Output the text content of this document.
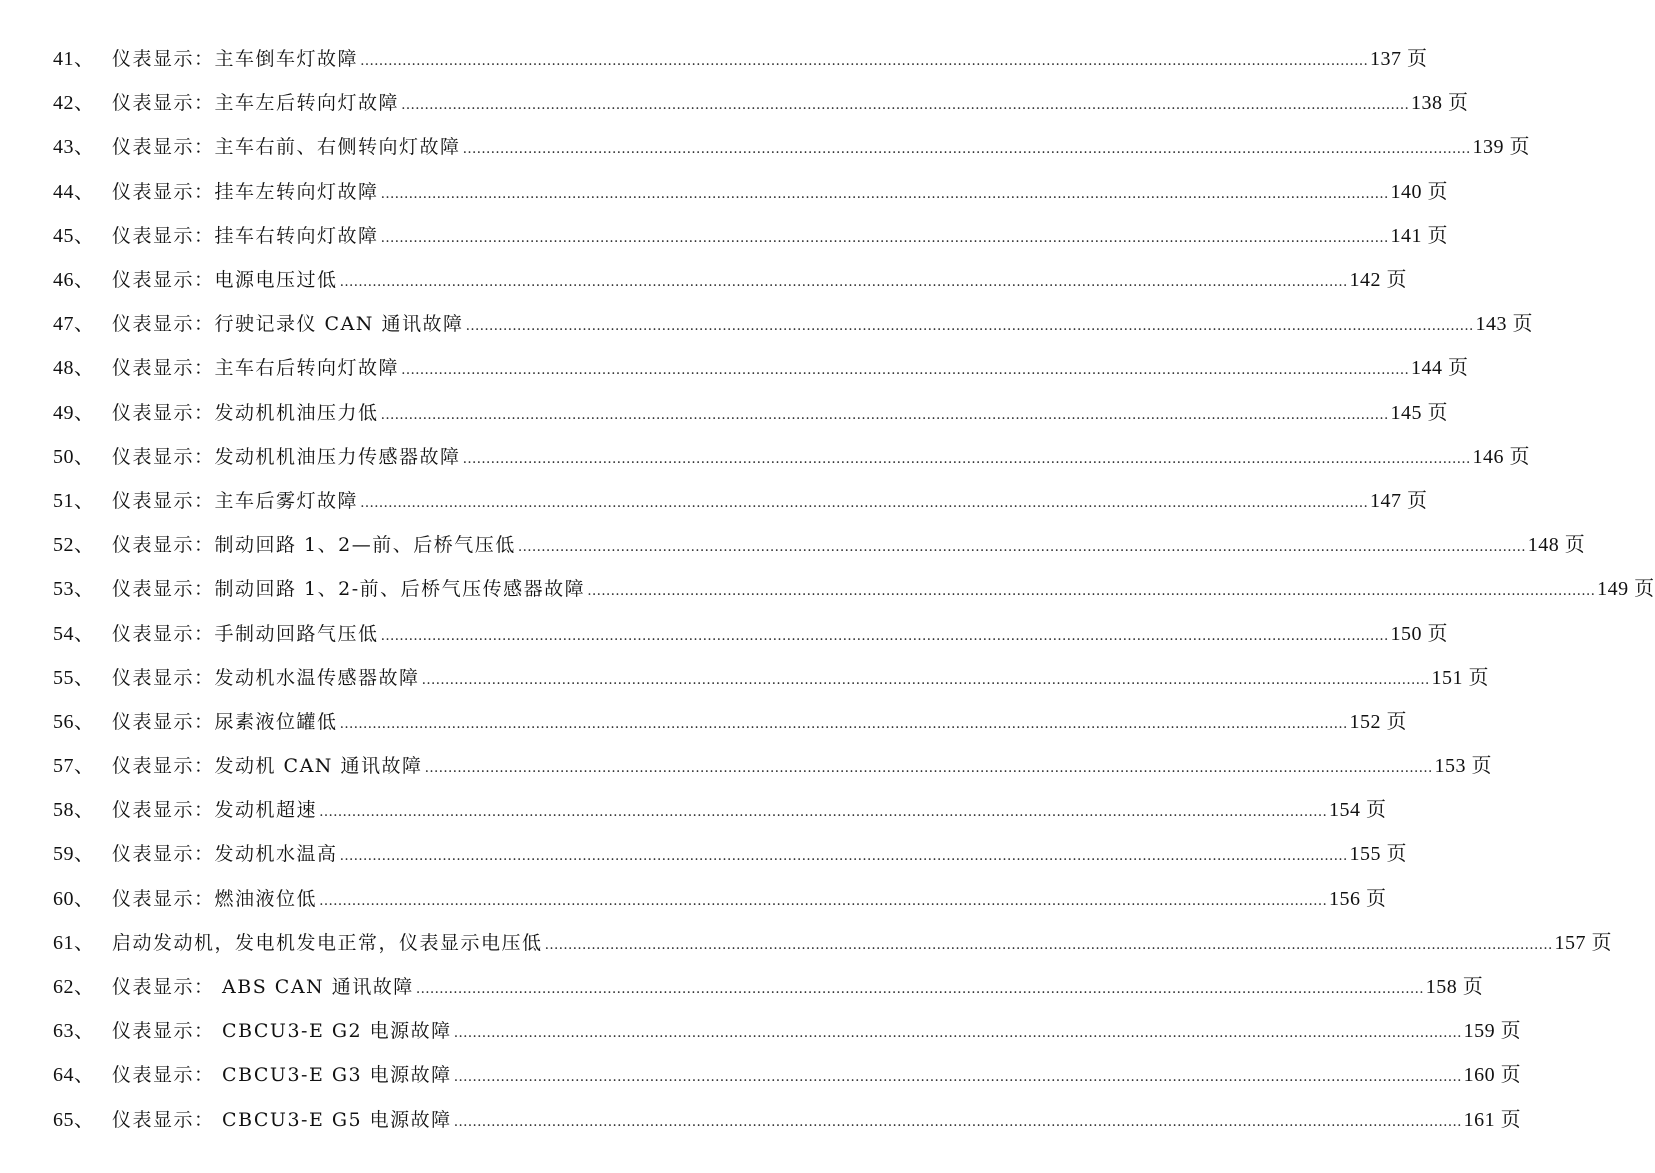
41、 仪表显示：主车倒车灯故障 ……………………………………………………………………………………………………………………………………………………………………………………………… 137 页
42、 仪表显示：主车左后转向灯故障 ……………………………………………………………………………………………………………………………………………………………………………………………… 138 页
43、 仪表显示：主车右前、右侧转向灯故障 ……………………………………………………………………………………………………………………………………………………………………………………………… 139 页
44、 仪表显示：挂车左转向灯故障 ……………………………………………………………………………………………………………………………………………………………………………………………… 140 页
45、 仪表显示：挂车右转向灯故障 ……………………………………………………………………………………………………………………………………………………………………………………………… 141 页
46、 仪表显示：电源电压过低 ……………………………………………………………………………………………………………………………………………………………………………………………… 142 页
47、 仪表显示：行驶记录仪 CAN 通讯故障 ……………………………………………………………………………………………………………………………………………………………………………………………… 143 页
48、 仪表显示：主车右后转向灯故障 ……………………………………………………………………………………………………………………………………………………………………………………………… 144 页
49、 仪表显示：发动机机油压力低 ……………………………………………………………………………………………………………………………………………………………………………………………… 145 页
50、 仪表显示：发动机机油压力传感器故障 ……………………………………………………………………………………………………………………………………………………………………………………………… 146 页
51、 仪表显示：主车后雾灯故障 ……………………………………………………………………………………………………………………………………………………………………………………………… 147 页
52、 仪表显示：制动回路 1、2—前、后桥气压低 ……………………………………………………………………………………………………………………………………………………………………………………………… 148 页
53、 仪表显示：制动回路 1、2-前、后桥气压传感器故障 ……………………………………………………………………………………………………………………………………………………………………………………………… 149 页
54、 仪表显示：手制动回路气压低 ……………………………………………………………………………………………………………………………………………………………………………………………… 150 页
55、 仪表显示：发动机水温传感器故障 ……………………………………………………………………………………………………………………………………………………………………………………………… 151 页
56、 仪表显示：尿素液位罐低 ……………………………………………………………………………………………………………………………………………………………………………………………… 152 页
57、 仪表显示：发动机 CAN 通讯故障 ……………………………………………………………………………………………………………………………………………………………………………………………… 153 页
58、 仪表显示：发动机超速 ……………………………………………………………………………………………………………………………………………………………………………………………… 154 页
59、 仪表显示：发动机水温高 ……………………………………………………………………………………………………………………………………………………………………………………………… 155 页
60、 仪表显示：燃油液位低 ……………………………………………………………………………………………………………………………………………………………………………………………… 156 页
61、 启动发动机，发电机发电正常，仪表显示电压低 ……………………………………………………………………………………………………………………………………………………………………………………………… 157 页
62、 仪表显示： ABS CAN 通讯故障 ……………………………………………………………………………………………………………………………………………………………………………………………… 158 页
63、 仪表显示： CBCU3-E G2 电源故障 ……………………………………………………………………………………………………………………………………………………………………………………………… 159 页
64、 仪表显示： CBCU3-E G3 电源故障 ……………………………………………………………………………………………………………………………………………………………………………………………… 160 页
65、 仪表显示： CBCU3-E G5 电源故障 ……………………………………………………………………………………………………………………………………………………………………………………………… 161 页
